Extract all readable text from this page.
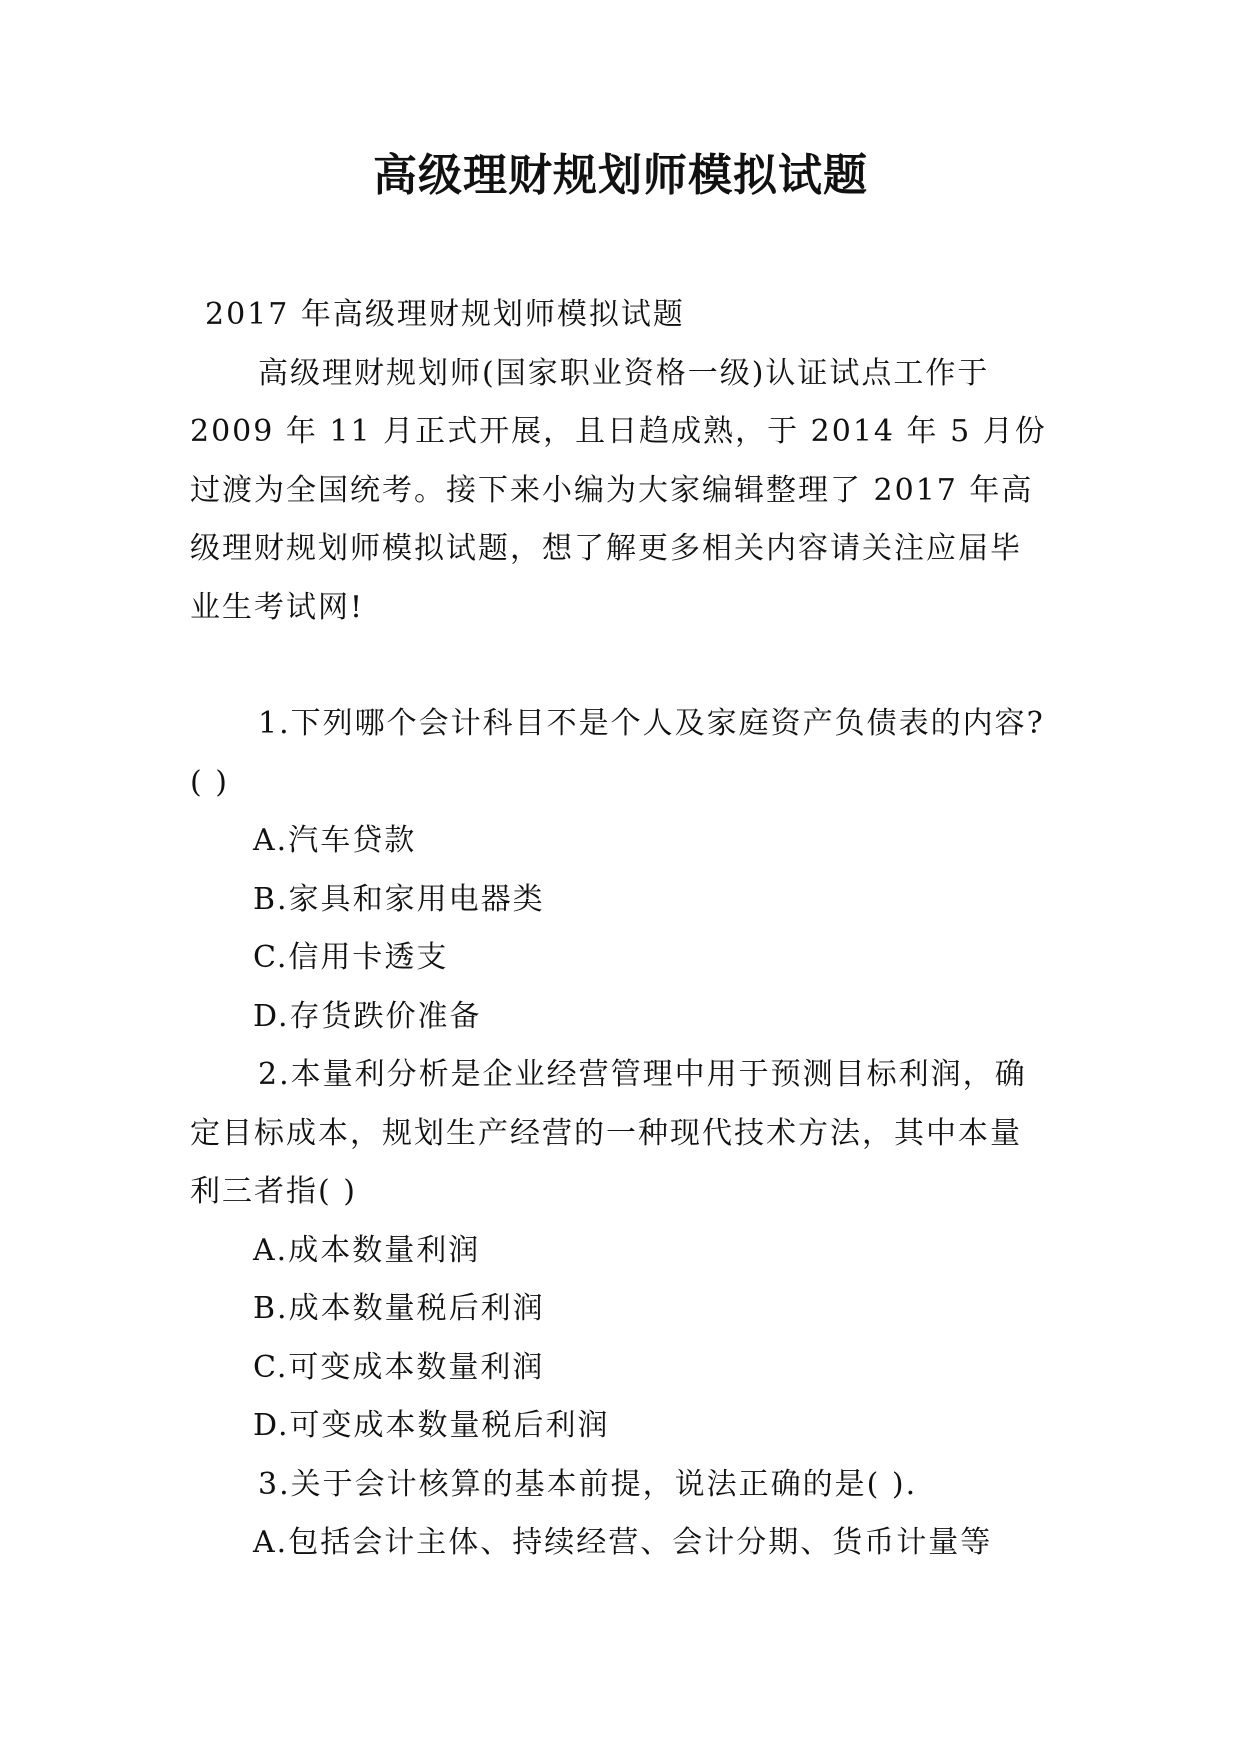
高级理财规划师模拟试题

2017 年高级理财规划师模拟试题

高级理财规划师(国家职业资格一级)认证试点工作于 2009 年 11 月正式开展，且日趋成熟，于 2014 年 5 月份过渡为全国统考。接下来小编为大家编辑整理了 2017 年高级理财规划师模拟试题，想了解更多相关内容请关注应届毕业生考试网!

1.下列哪个会计科目不是个人及家庭资产负债表的内容?( )

A.汽车贷款

B.家具和家用电器类

C.信用卡透支

D.存货跌价准备

2.本量利分析是企业经营管理中用于预测目标利润，确定目标成本，规划生产经营的一种现代技术方法，其中本量利三者指( )

A.成本数量利润

B.成本数量税后利润

C.可变成本数量利润

D.可变成本数量税后利润

3.关于会计核算的基本前提，说法正确的是( ).

A.包括会计主体、持续经营、会计分期、货币计量等
